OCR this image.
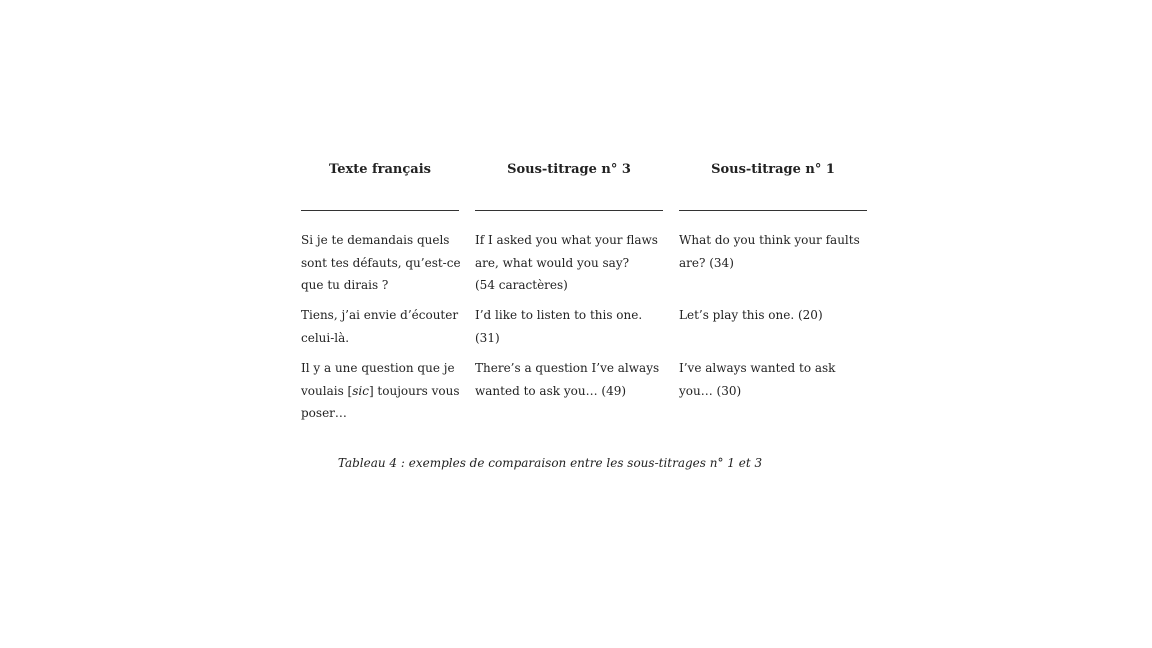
Texte français	Sous-titrage n° 3	Sous-titrage n° 1
Si je te demandais quels sont tes défauts, qu’est-ce que tu dirais ?
If I asked you what your flaws are, what would you say?
(54 caractères)
What do you think your faults are? (34)
Tiens, j’ai envie d’écouter celui-là.
I’d like to listen to this one. (31)
Let’s play this one. (20)
Il y a une question que je voulais [sic] toujours vous poser…
There’s a question I’ve always wanted to ask you… (49)
I’ve always wanted to ask you… (30)
Tableau 4 : exemples de comparaison entre les sous-titrages n° 1 et 3
